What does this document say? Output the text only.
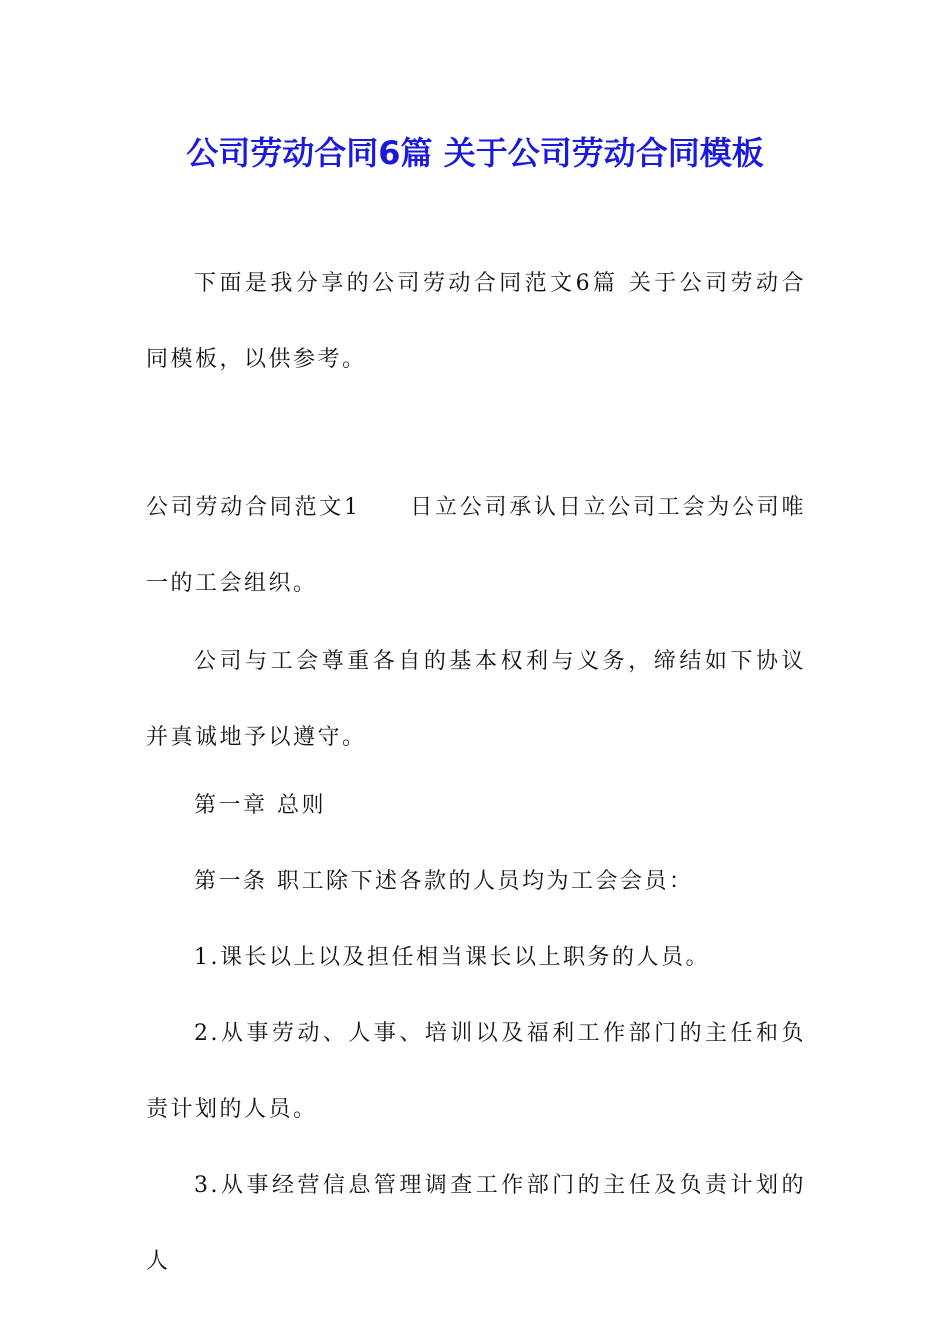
公司劳动合同6篇 关于公司劳动合同模板

下面是我分享的公司劳动合同范文6篇 关于公司劳动合同模板，以供参考。

公司劳动合同范文1　　日立公司承认日立公司工会为公司唯一的工会组织。

公司与工会尊重各自的基本权利与义务，缔结如下协议并真诚地予以遵守。

第一章 总则

第一条 职工除下述各款的人员均为工会会员：

1.课长以上以及担任相当课长以上职务的人员。

2.从事劳动、人事、培训以及福利工作部门的主任和负责计划的人员。

3.从事经营信息管理调查工作部门的主任及负责计划的人
